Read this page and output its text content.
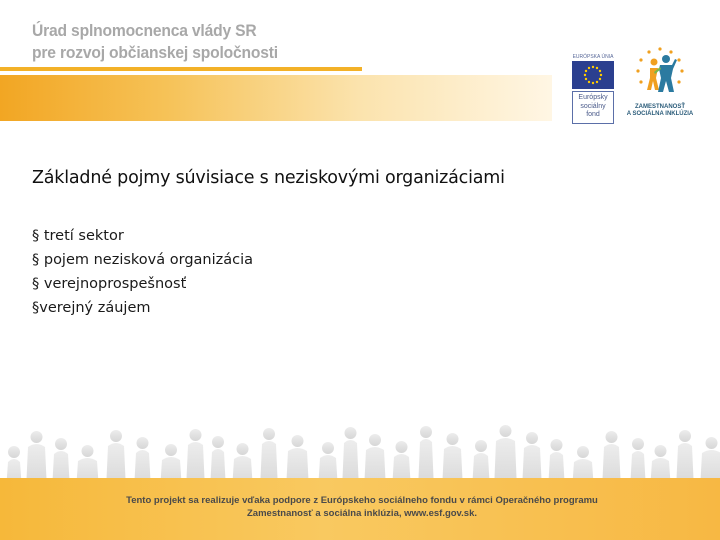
Úrad splnomocnenca vlády SR
pre rozvoj občianskej spoločnosti	EURÓPSKA ÚNIA
Európsky
sociálny
fond
ZAMESTNANOSŤ
A SOCIÁLNA INKLÚZIA
Základné pojmy súvisiace s neziskovými organizáciami
§ tretí sektor
§ pojem nezisková organizácia
§ verejnoprospešnosť
§verejný záujem
Tento projekt sa realizuje vďaka podpore z Európskeho sociálneho fondu v rámci Operačného programu
Zamestnanosť a sociálna inklúzia, www.esf.gov.sk.
